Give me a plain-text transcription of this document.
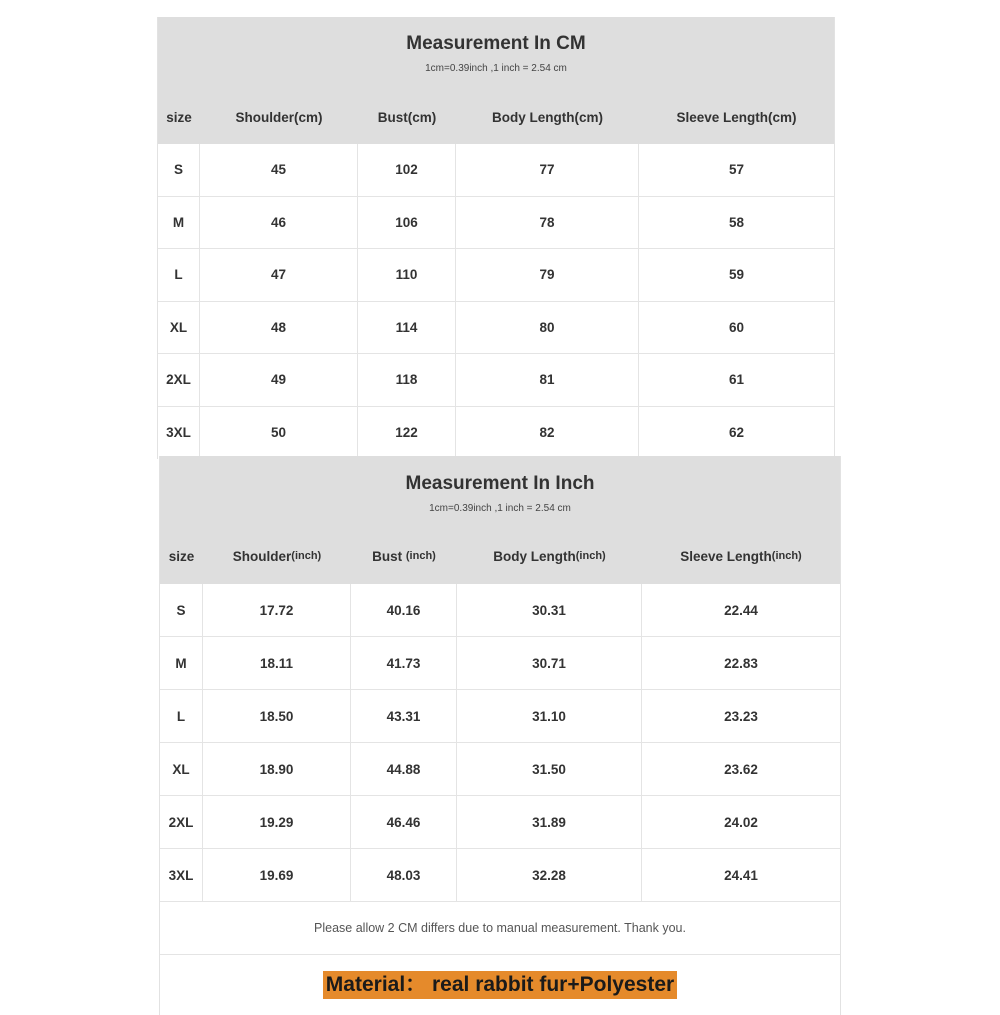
Measurement In CM
1cm=0.39inch ,1 inch = 2.54 cm
size	Shoulder(cm)	Bust(cm)	Body Length(cm)	Sleeve Length(cm)
S	45	102	77	57
M	46	106	78	58
L	47	110	79	59
XL	48	114	80	60
2XL	49	118	81	61
3XL	50	122	82	62
Measurement In Inch
1cm=0.39inch ,1 inch = 2.54 cm
size	Shoulder (inch)	Bust (inch)	Body Length (inch)	Sleeve Length (inch)
S	17.72	40.16	30.31	22.44
M	18.11	41.73	30.71	22.83
L	18.50	43.31	31.10	23.23
XL	18.90	44.88	31.50	23.62
2XL	19.29	46.46	31.89	24.02
3XL	19.69	48.03	32.28	24.41
Please allow 2 CM differs due to manual measurement. Thank you.
Material： real rabbit fur+Polyester
